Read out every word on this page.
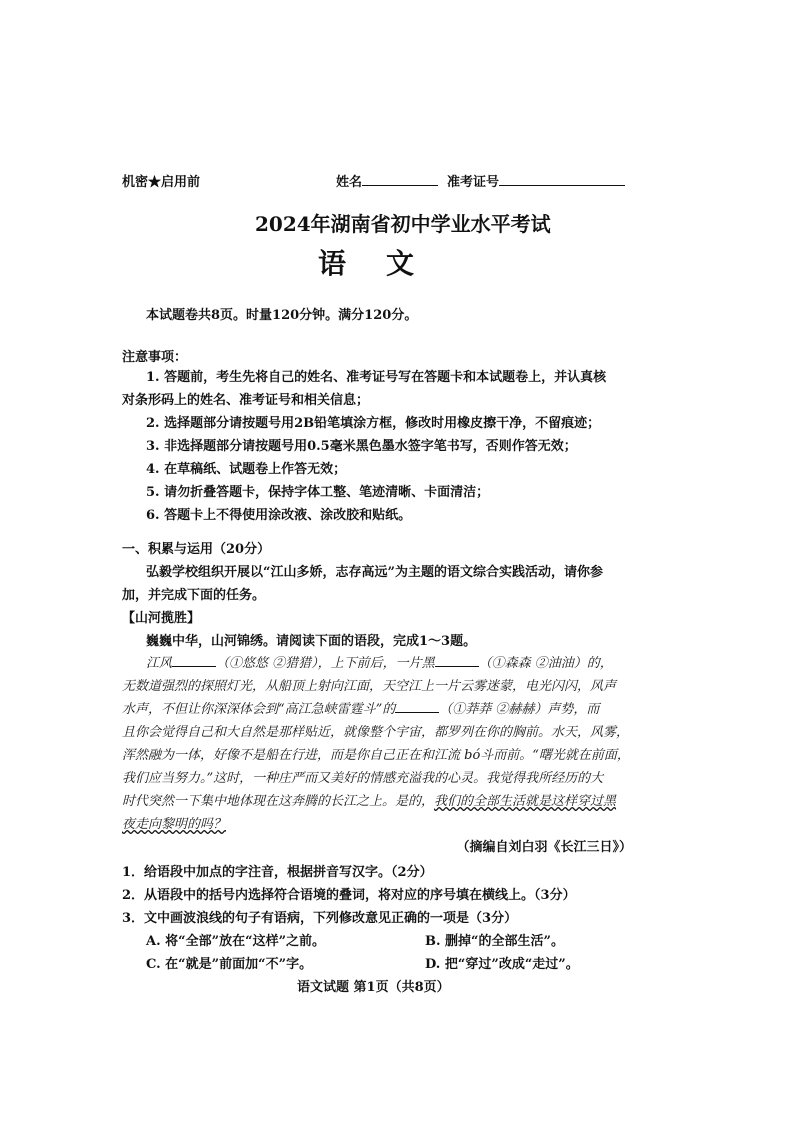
机密★启用前	姓名	准考证号
2024年湖南省初中学业水平考试
语　文
本试题卷共8页。时量120分钟。满分120分。
注意事项：
1. 答题前，考生先将自己的姓名、准考证号写在答题卡和本试题卷上，并认真核
对条形码上的姓名、准考证号和相关信息；
2. 选择题部分请按题号用2B铅笔填涂方框，修改时用橡皮擦干净，不留痕迹；
3. 非选择题部分请按题号用0.5毫米黑色墨水签字笔书写，否则作答无效；
4. 在草稿纸、试题卷上作答无效；
5. 请勿折叠答题卡，保持字体工整、笔迹清晰、卡面清洁；
6. 答题卡上不得使用涂改液、涂改胶和贴纸。
一、积累与运用（20分）
弘毅学校组织开展以“江山多娇，志存高远”为主题的语文综合实践活动，请你参
加，并完成下面的任务。
【山河揽胜】
巍巍中华，山河锦绣。请阅读下面的语段，完成1～3题。
江风	（①悠悠 ②猎猎），上下前后，一片黑	（①森森 ②油油）的，
无数道强烈的探照灯光，从船顶上射向江面，天空江上一片云雾迷蒙，电光闪闪，风声
水声，不但让你深深体会到“高江急峡雷霆斗”的	（①莽莽 ②赫赫）声势，而
且你会觉得自己和大自然是那样贴近，就像整个宇宙，都罗列在你的胸前。水天，风雾，
浑然融为一体，好像不是船在行进，而是你自己正在和江流 bó斗而前。“曙光就在前面，
我们应当努力。”这时，一种庄严而又美好的情感充溢我的心灵。我觉得我所经历的大
时代突然一下集中地体现在这奔腾的长江之上。是的，我们的全部生活就是这样穿过黑
夜走向黎明的吗？
（摘编自刘白羽《长江三日》）
1．给语段中加点的字注音，根据拼音写汉字。（2分）
2．从语段中的括号内选择符合语境的叠词，将对应的序号填在横线上。（3分）
3．文中画波浪线的句子有语病，下列修改意见正确的一项是（3分）
A. 将“全部”放在“这样”之前。	B. 删掉“的全部生活”。
C. 在“就是”前面加“不”字。	D. 把“穿过”改成“走过”。
语文试题 第1页（共8页）
